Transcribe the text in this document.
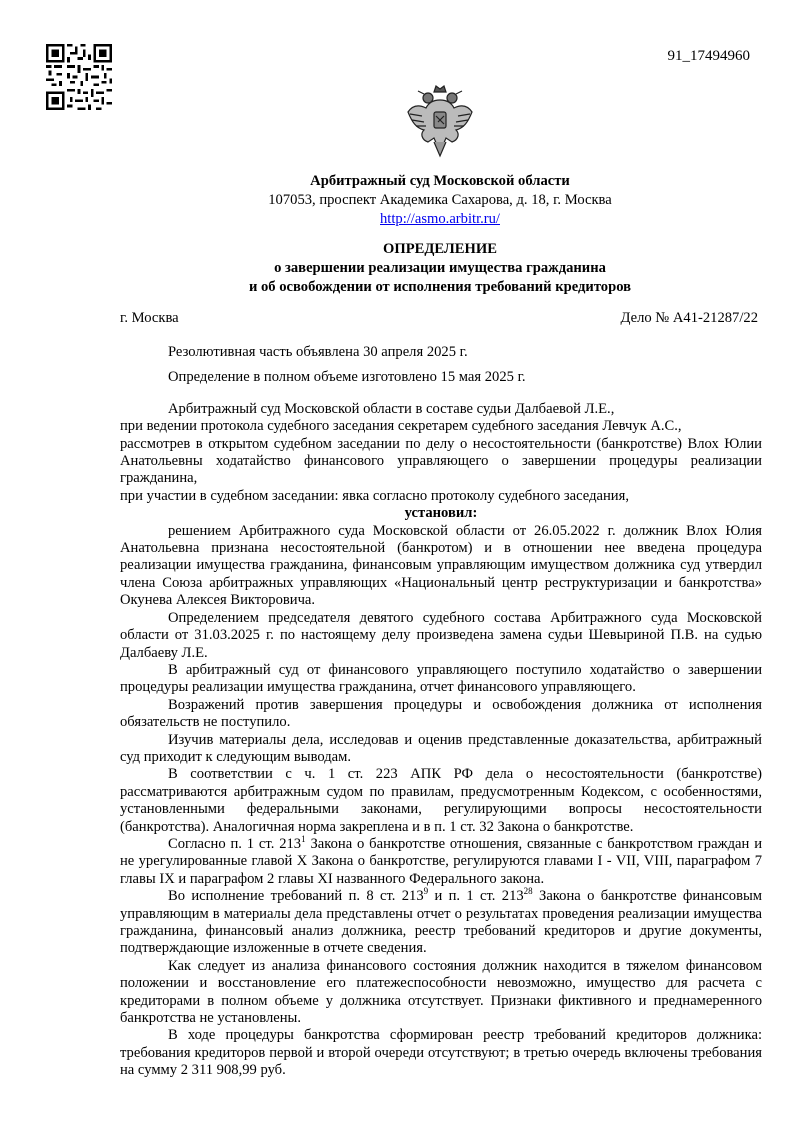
91_17494960
Арбитражный суд Московской области
107053, проспект Академика Сахарова, д. 18, г. Москва
http://asmo.arbitr.ru/
ОПРЕДЕЛЕНИЕ
о завершении реализации имущества гражданина
и об освобождении от исполнения требований кредиторов
г. Москва	Дело № А41-21287/22

Резолютивная часть объявлена 30 апреля 2025 г.

Определение в полном объеме изготовлено 15 мая 2025 г.

Арбитражный суд Московской области в составе судьи Далбаевой Л.Е.,

при ведении протокола судебного заседания секретарем судебного заседания Левчук А.С.,

рассмотрев в открытом судебном заседании по делу о несостоятельности (банкротстве) Влох Юлии Анатольевны ходатайство финансового управляющего о завершении процедуры реализации гражданина,

при участии в судебном заседании: явка согласно протоколу судебного заседания,

установил:

решением Арбитражного суда Московской области от 26.05.2022 г. должник Влох Юлия Анатольевна признана несостоятельной (банкротом) и в отношении нее введена процедура реализации имущества гражданина, финансовым управляющим имуществом должника суд утвердил члена Союза арбитражных управляющих «Национальный центр реструктуризации и банкротства» Окунева Алексея Викторовича.

Определением председателя девятого судебного состава Арбитражного суда Московской области от 31.03.2025 г. по настоящему делу произведена замена судьи Шевыриной П.В. на судью Далбаеву Л.Е.

В арбитражный суд от финансового управляющего поступило ходатайство о завершении процедуры реализации имущества гражданина, отчет финансового управляющего.

Возражений против завершения процедуры и освобождения должника от исполнения обязательств не поступило.

Изучив материалы дела, исследовав и оценив представленные доказательства, арбитражный суд приходит к следующим выводам.

В соответствии с ч. 1 ст. 223 АПК РФ дела о несостоятельности (банкротстве) рассматриваются арбитражным судом по правилам, предусмотренным Кодексом, с особенностями, установленными федеральными законами, регулирующими вопросы несостоятельности (банкротства). Аналогичная норма закреплена и в п. 1 ст. 32 Закона о банкротстве.

Согласно п. 1 ст. $213^1$ Закона о банкротстве отношения, связанные с банкротством граждан и не урегулированные главой X Закона о банкротстве, регулируются главами I - VII, VIII, параграфом 7 главы IX и параграфом 2 главы XI названного Федерального закона.

Во исполнение требований п. 8 ст. $213^9$ и п. 1 ст. $213^{28}$ Закона о банкротстве финансовым управляющим в материалы дела представлены отчет о результатах проведения реализации имущества гражданина, финансовый анализ должника, реестр требований кредиторов и другие документы, подтверждающие изложенные в отчете сведения.

Как следует из анализа финансового состояния должник находится в тяжелом финансовом положении и восстановление его платежеспособности невозможно, имущество для расчета с кредиторами в полном объеме у должника отсутствует. Признаки фиктивного и преднамеренного банкротства не установлены.

В ходе процедуры банкротства сформирован реестр требований кредиторов должника: требования кредиторов первой и второй очереди отсутствуют; в третью очередь включены требования на сумму 2 311 908,99 руб.
